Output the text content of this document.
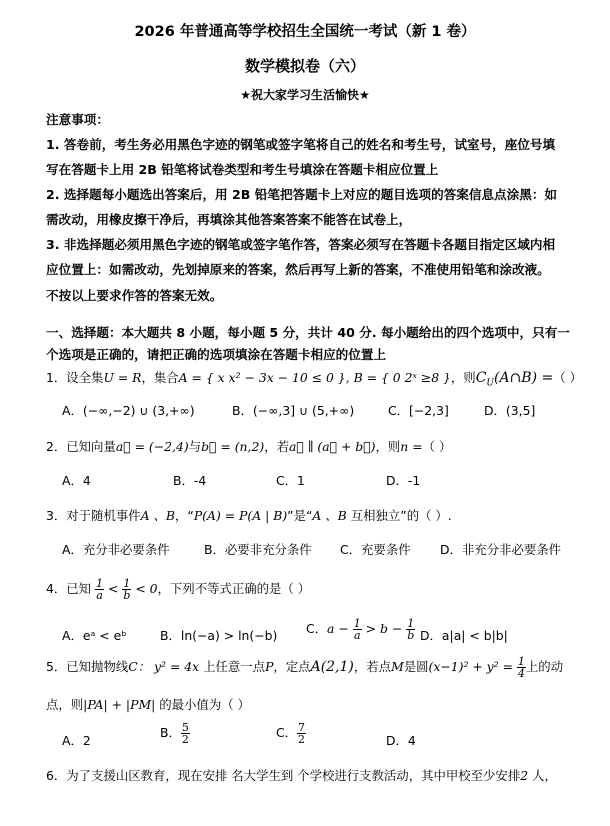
2026 年普通高等学校招生全国统一考试（新 1 卷）
数学模拟卷（六）
★祝大家学习生活愉快★
注意事项：
1. 答卷前，考生务必用黑色字迹的钢笔或签字笔将自己的姓名和考生号，试室号，座位号填
写在答题卡上用 2B 铅笔将试卷类型和考生号填涂在答题卡相应位置上
2. 选择题每小题选出答案后，用 2B 铅笔把答题卡上对应的题目选项的答案信息点涂黑：如
需改动，用橡皮擦干净后，再填涂其他答案答案不能答在试卷上，
3. 非选择题必须用黑色字迹的钢笔或签字笔作答，答案必须写在答题卡各题目指定区域内相
应位置上：如需改动，先划掉原来的答案，然后再写上新的答案，不准使用铅笔和涂改液。
不按以上要求作答的答案无效。
一、选择题：本大题共 8 小题，每小题 5 分，共计 40 分. 每小题给出的四个选项中，只有一
个选项是正确的，请把正确的选项填涂在答题卡相应的位置上
1．设全集U = R，集合A = { x x² − 3x − 10 ≤ 0 }, B = { 0 2ˣ ≥8 }，则$C_U(A\cap B)$ =（ ）
A．(−∞,−2) ∪ (3,+∞)	B．(−∞,3] ∪ (5,+∞)	C．[−2,3]	D．(3,5]
2．已知向量a⃗ = (−2,4)与b⃗ = (n,2)，若a⃗ ∥ (a⃗ + b⃗)，则n =（ ）
A．4	B．-4	C．1	D．-1
3．对于随机事件A 、B，“P(A) = P(A | B)”是“A 、B 互相独立”的（ ）.
A．充分非必要条件	B．必要非充分条件 C．充要条件 D．非充分非必要条件
4．已知 $\frac{1}{a} < \frac{1}{b} < 0$，下列不等式正确的是（ ）
A．eᵃ < eᵇ	B．ln(−a) > ln(−b) C．$a - \frac{1}{a} > b - \frac{1}{b}$ D．a|a| < b|b|
5．已知抛物线C： y² = 4x 上任意一点P，定点A(2,1)，若点M是圆$(x-1)^2 + y^2 = \frac{1}{4}$ 上的动
点，则|PA| + |PM| 的最小值为（ ）
A．2
B． $\frac{5}{2}$	C． $\frac{7}{2}$	D．4
6．为了支援山区教育，现在安排 名大学生到 个学校进行支教活动，其中甲校至少安排2 人，
